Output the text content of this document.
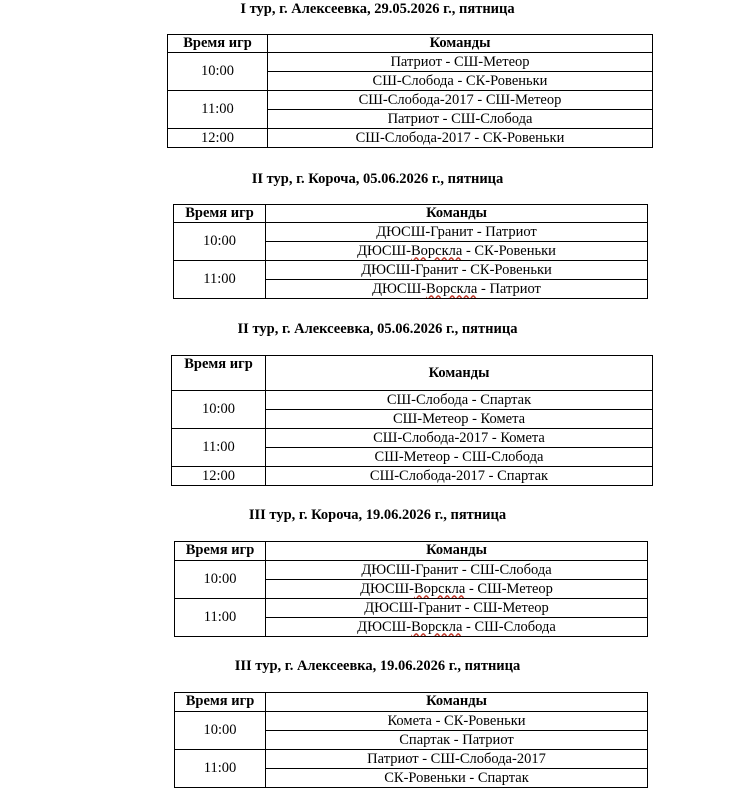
I тур, г. Алексеевка, 29.05.2026 г., пятница
Время игр	Команды
10:00	Патриот - СШ-Метеор
	СШ-Слобода - СК-Ровеньки
11:00	СШ-Слобода-2017 - СШ-Метеор
	Патриот - СШ-Слобода
12:00	СШ-Слобода-2017 - СК-Ровеньки
II тур, г. Короча, 05.06.2026 г., пятница
Время игр	Команды
10:00	ДЮСШ-Гранит - Патриот
	ДЮСШ-Ворскла - СК-Ровеньки
11:00	ДЮСШ-Гранит - СК-Ровеньки
	ДЮСШ-Ворскла - Патриот
II тур, г. Алексеевка, 05.06.2026 г., пятница
Время игр	Команды
10:00	СШ-Слобода - Спартак
	СШ-Метеор - Комета
11:00	СШ-Слобода-2017 - Комета
	СШ-Метеор - СШ-Слобода
12:00	СШ-Слобода-2017 - Спартак
III тур, г. Короча, 19.06.2026 г., пятница
Время игр	Команды
10:00	ДЮСШ-Гранит - СШ-Слобода
	ДЮСШ-Ворскла - СШ-Метеор
11:00	ДЮСШ-Гранит - СШ-Метеор
	ДЮСШ-Ворскла - СШ-Слобода
III тур, г. Алексеевка, 19.06.2026 г., пятница
Время игр	Команды
10:00	Комета - СК-Ровеньки
	Спартак - Патриот
11:00	Патриот - СШ-Слобода-2017
	СК-Ровеньки - Спартак
